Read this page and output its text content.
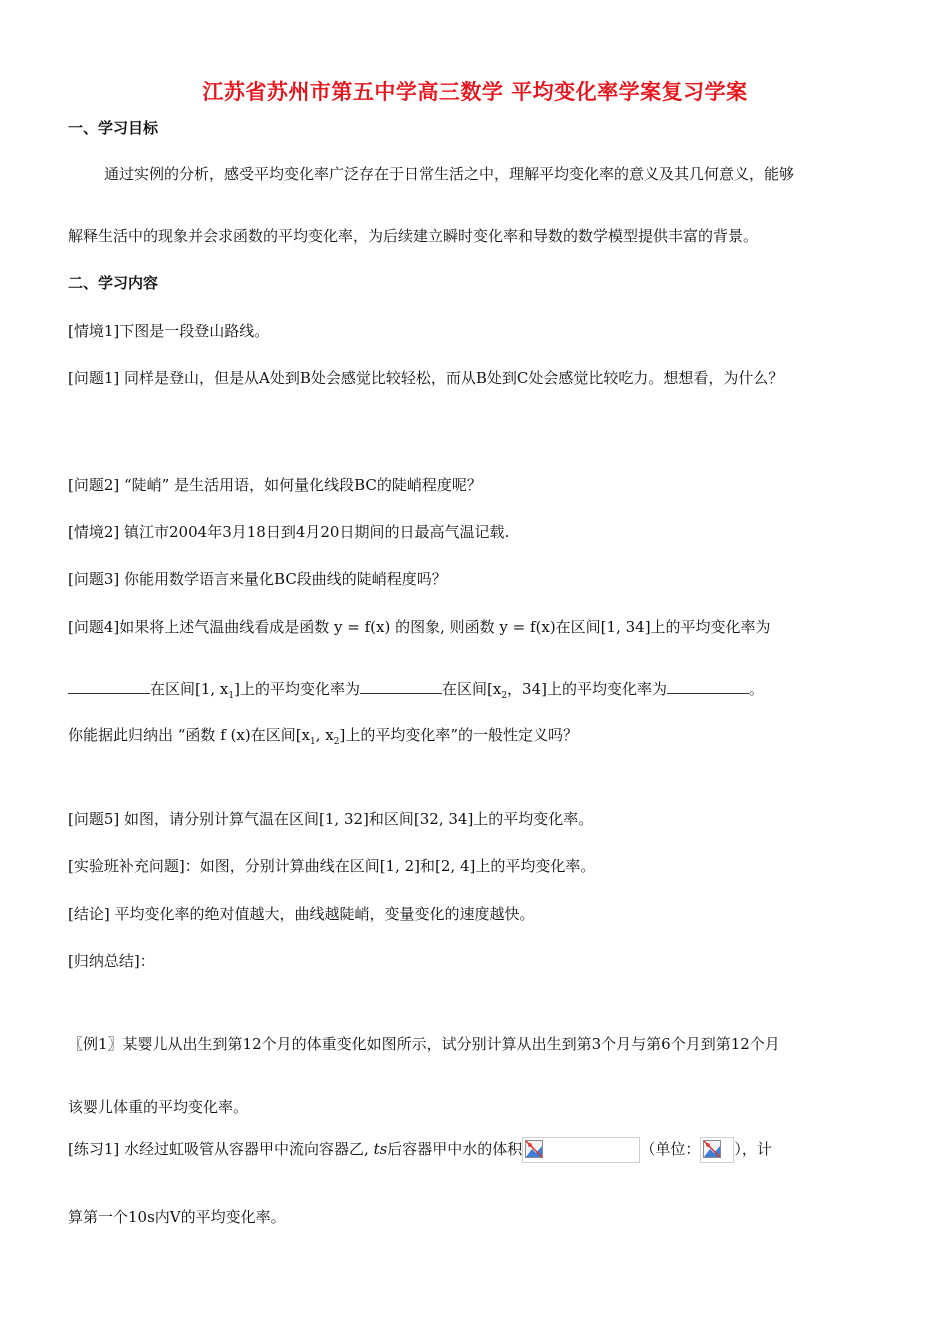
江苏省苏州市第五中学高三数学 平均变化率学案复习学案
一、学习目标
通过实例的分析，感受平均变化率广泛存在于日常生活之中，理解平均变化率的意义及其几何意义，能够
解释生活中的现象并会求函数的平均变化率，为后续建立瞬时变化率和导数的数学模型提供丰富的背景。
二、学习内容
[情境1]下图是一段登山路线。
[问题1] 同样是登山，但是从A处到B处会感觉比较轻松，而从B处到C处会感觉比较吃力。想想看，为什么？
[问题2] “陡峭” 是生活用语，如何量化线段BC的陡峭程度呢？
[情境2] 镇江市2004年3月18日到4月20日期间的日最高气温记载.
[问题3] 你能用数学语言来量化BC段曲线的陡峭程度吗？
[问题4]如果将上述气温曲线看成是函数 y = f(x) 的图象, 则函数 y = f(x)在区间[1, 34]上的平均变化率为
在区间[1, $x_1$]上的平均变化率为	在区间[$x_2$，34]上的平均变化率为	。
你能据此归纳出 “函数 f (x)在区间[$x_1$, $x_2$]上的平均变化率”的一般性定义吗？
[问题5] 如图，请分别计算气温在区间[1, 32]和区间[32, 34]上的平均变化率。
[实验班补充问题]：如图，分别计算曲线在区间[1, 2]和[2, 4]上的平均变化率。
[结论] 平均变化率的绝对值越大，曲线越陡峭，变量变化的速度越快。
[归纳总结]：
〖例1〗某婴儿从出生到第12个月的体重变化如图所示，试分别计算从出生到第3个月与第6个月到第12个月
该婴儿体重的平均变化率。
[练习1] 水经过虹吸管从容器甲中流向容器乙, ts后容器甲中水的体积	（单位： ），计
算第一个10s内V的平均变化率。
